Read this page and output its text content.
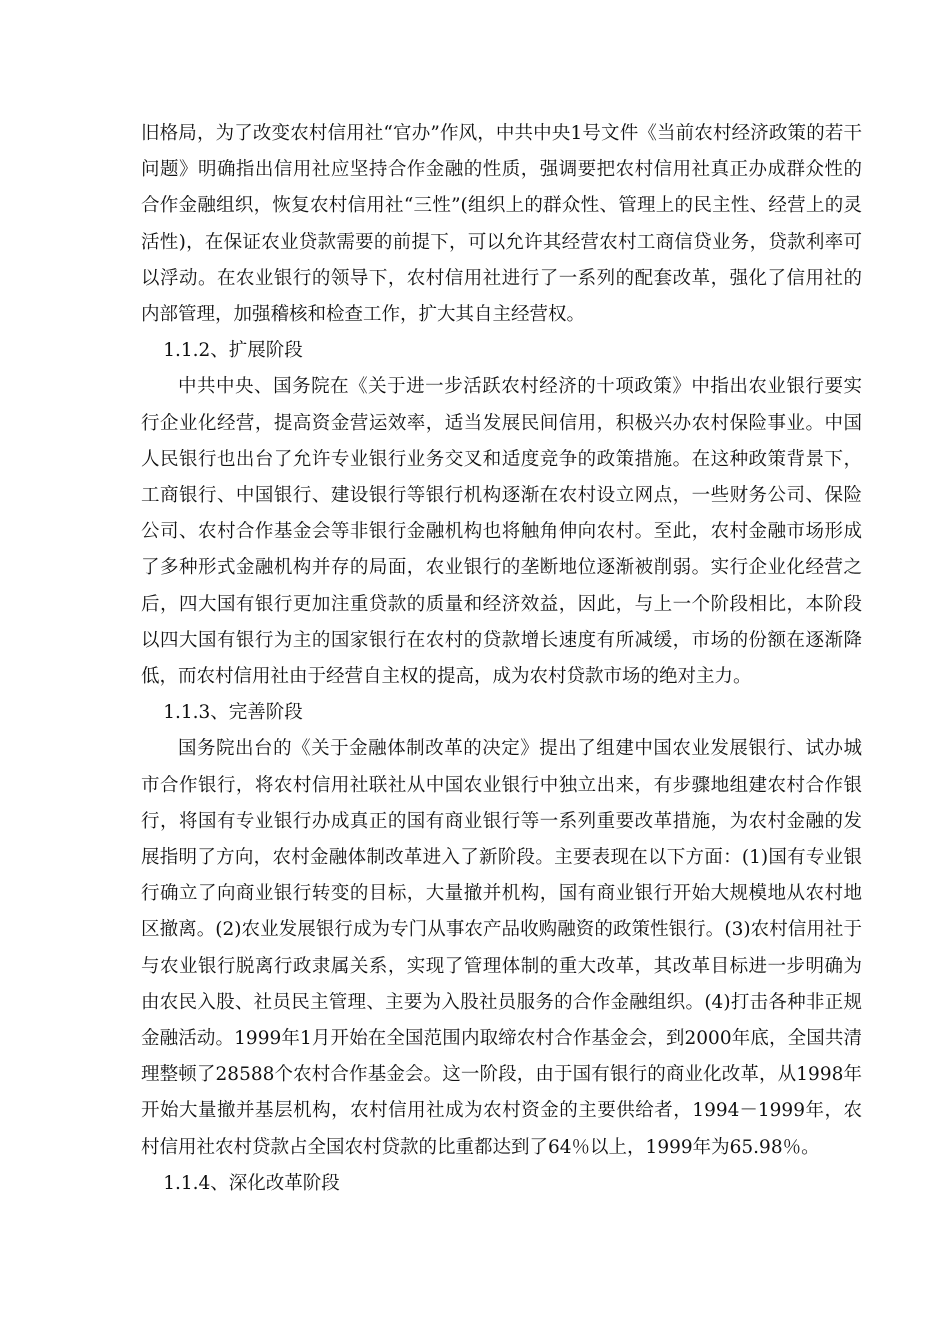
旧格局，为了改变农村信用社“官办”作风，中共中央1号文件《当前农村经济政策的若干问题》明确指出信用社应坚持合作金融的性质，强调要把农村信用社真正办成群众性的合作金融组织，恢复农村信用社“三性”(组织上的群众性、管理上的民主性、经营上的灵活性)，在保证农业贷款需要的前提下，可以允许其经营农村工商信贷业务，贷款利率可以浮动。在农业银行的领导下，农村信用社进行了一系列的配套改革，强化了信用社的内部管理，加强稽核和检查工作，扩大其自主经营权。

1.1.2、扩展阶段

中共中央、国务院在《关于进一步活跃农村经济的十项政策》中指出农业银行要实行企业化经营，提高资金营运效率，适当发展民间信用，积极兴办农村保险事业。中国人民银行也出台了允许专业银行业务交叉和适度竞争的政策措施。在这种政策背景下，工商银行、中国银行、建设银行等银行机构逐渐在农村设立网点，一些财务公司、保险公司、农村合作基金会等非银行金融机构也将触角伸向农村。至此，农村金融市场形成了多种形式金融机构并存的局面，农业银行的垄断地位逐渐被削弱。实行企业化经营之后，四大国有银行更加注重贷款的质量和经济效益，因此，与上一个阶段相比，本阶段以四大国有银行为主的国家银行在农村的贷款增长速度有所减缓，市场的份额在逐渐降低，而农村信用社由于经营自主权的提高，成为农村贷款市场的绝对主力。

1.1.3、完善阶段

国务院出台的《关于金融体制改革的决定》提出了组建中国农业发展银行、试办城市合作银行，将农村信用社联社从中国农业银行中独立出来，有步骤地组建农村合作银行，将国有专业银行办成真正的国有商业银行等一系列重要改革措施，为农村金融的发展指明了方向，农村金融体制改革进入了新阶段。主要表现在以下方面：(1)国有专业银行确立了向商业银行转变的目标，大量撤并机构，国有商业银行开始大规模地从农村地区撤离。(2)农业发展银行成为专门从事农产品收购融资的政策性银行。(3)农村信用社于与农业银行脱离行政隶属关系，实现了管理体制的重大改革，其改革目标进一步明确为由农民入股、社员民主管理、主要为入股社员服务的合作金融组织。(4)打击各种非正规金融活动。1999年1月开始在全国范围内取缔农村合作基金会，到2000年底，全国共清理整顿了28588个农村合作基金会。这一阶段，由于国有银行的商业化改革，从1998年开始大量撤并基层机构，农村信用社成为农村资金的主要供给者，1994－1999年，农村信用社农村贷款占全国农村贷款的比重都达到了64％以上，1999年为65.98％。

1.1.4、深化改革阶段
